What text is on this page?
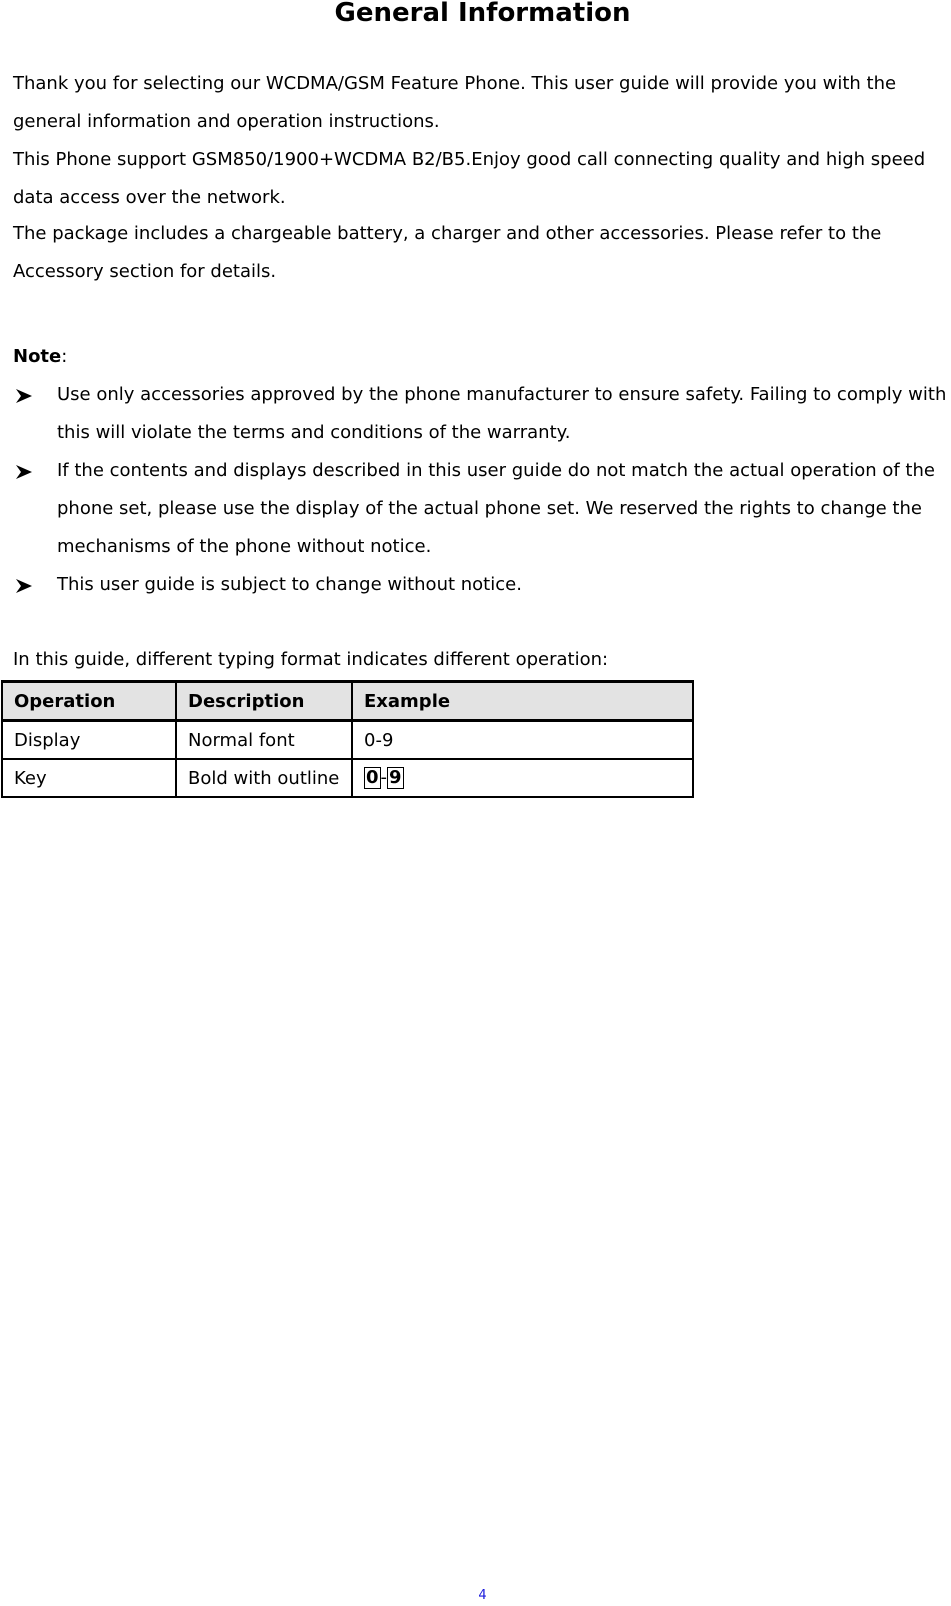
General Information

Thank you for selecting our WCDMA/GSM Feature Phone. This user guide will provide you with the general information and operation instructions.

This Phone support GSM850/1900+WCDMA B2/B5.Enjoy good call connecting quality and high speed data access over the network.

The package includes a chargeable battery, a charger and other accessories. Please refer to the Accessory section for details.

Note:

Use only accessories approved by the phone manufacturer to ensure safety. Failing to comply with this will violate the terms and conditions of the warranty.
If the contents and displays described in this user guide do not match the actual operation of the phone set, please use the display of the actual phone set. We reserved the rights to change the mechanisms of the phone without notice.
This user guide is subject to change without notice.

In this guide, different typing format indicates different operation:

Operation	Description	Example
Display	Normal font	0-9
Key	Bold with outline	0 - 9

4
